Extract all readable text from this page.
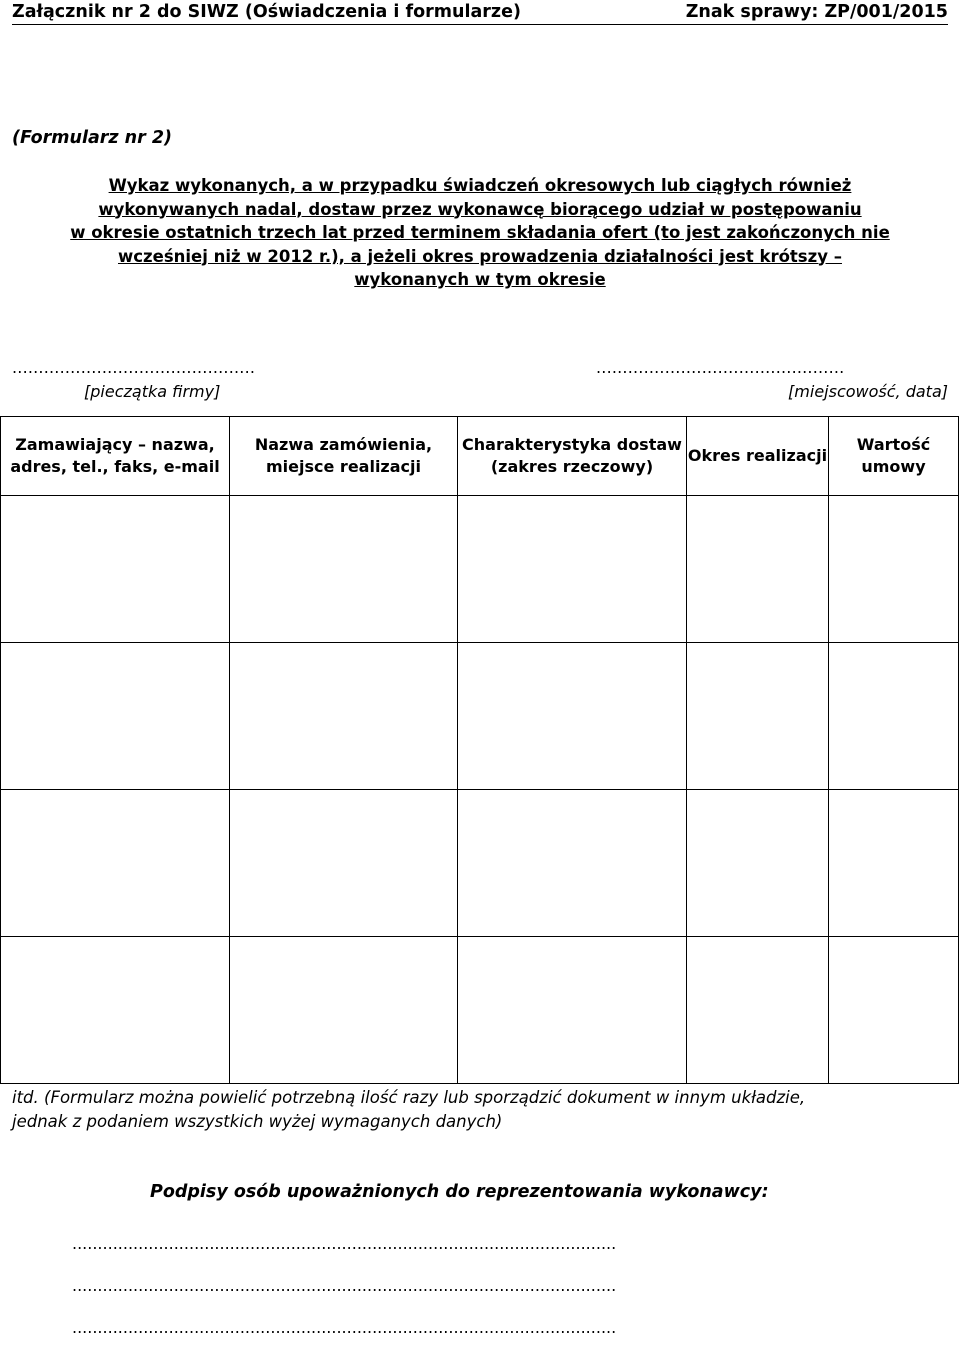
Załącznik nr 2 do SIWZ (Oświadczenia i formularze)	Znak sprawy: ZP/001/2015
(Formularz nr 2)
Wykaz wykonanych, a w przypadku świadczeń okresowych lub ciągłych również
wykonywanych nadal, dostaw przez wykonawcę biorącego udział w postępowaniu
w okresie ostatnich trzech lat przed terminem składania ofert (to jest zakończonych nie
wcześniej niż w 2012 r.), a jeżeli okres prowadzenia działalności jest krótszy –
wykonanych w tym okresie
..............................................
[pieczątka firmy]
...............................................
[miejscowość, data]
Zamawiający – nazwa, adres, tel., faks, e-mail	Nazwa zamówienia, miejsce realizacji	Charakterystyka dostaw (zakres rzeczowy)	Okres realizacji	Wartość umowy

itd. (Formularz można powielić potrzebną ilość razy lub sporządzić dokument w innym układzie,
jednak z podaniem wszystkich wyżej wymaganych danych)
Podpisy osób upoważnionych do reprezentowania wykonawcy:
...........................................................................................................
...........................................................................................................
...........................................................................................................
